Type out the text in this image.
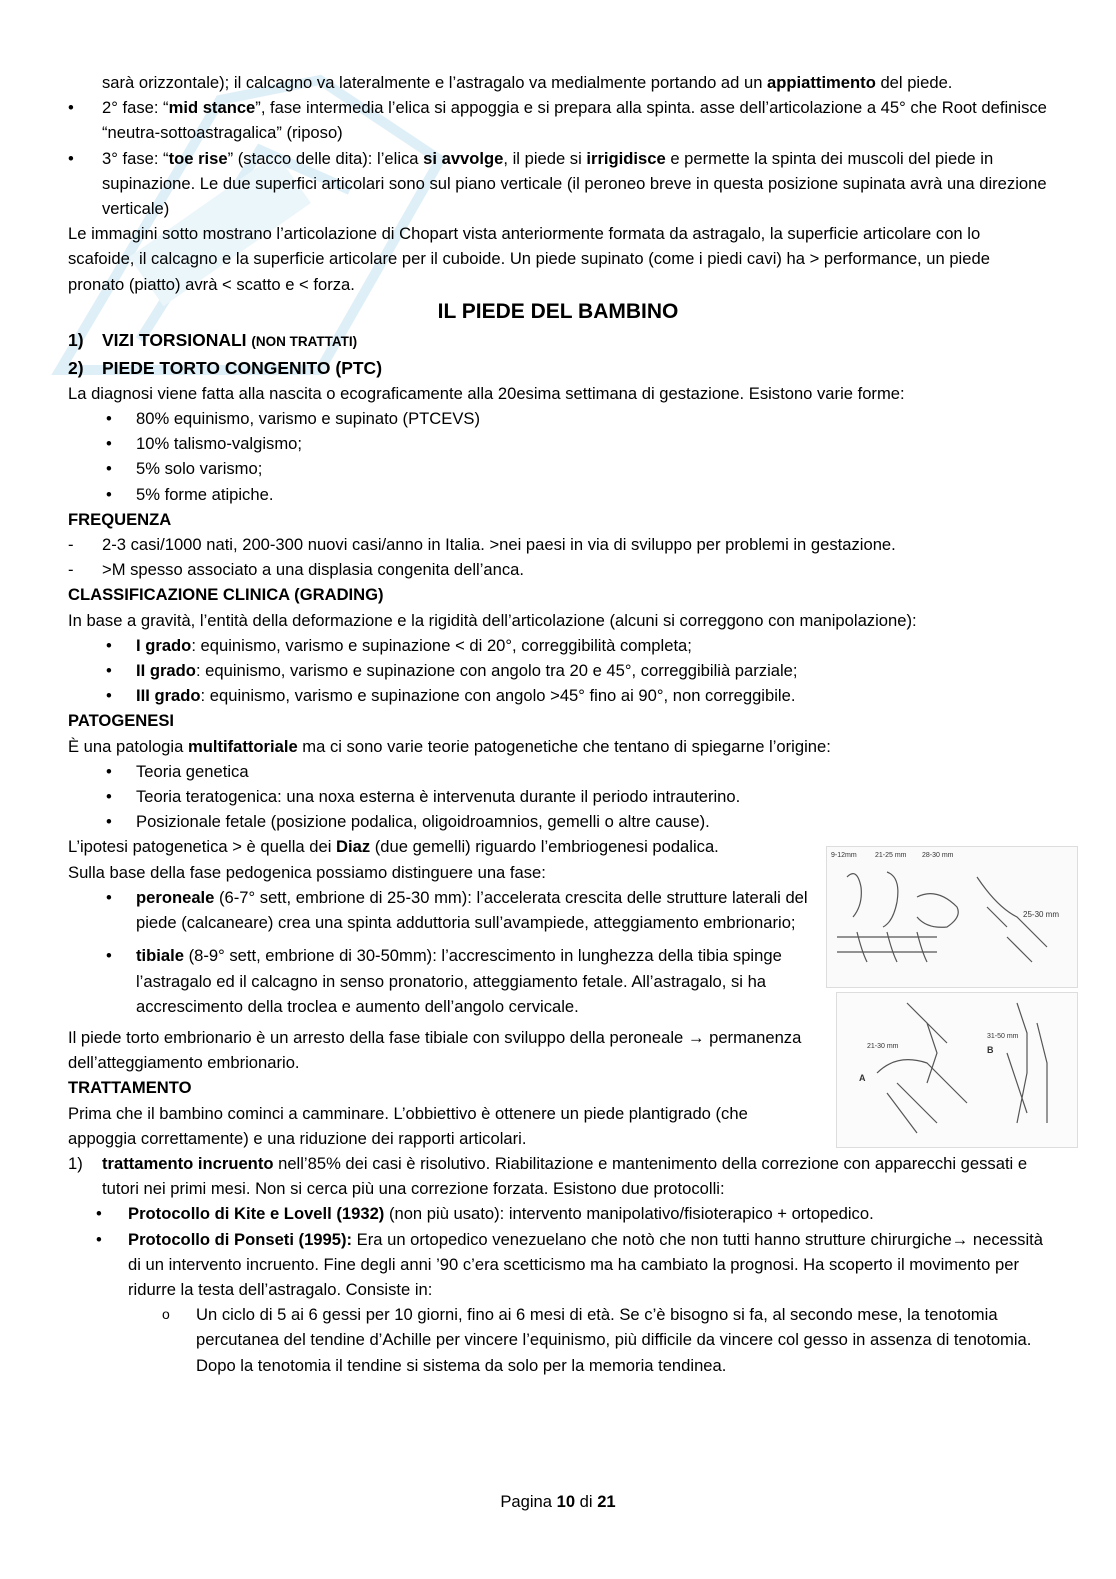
sarà orizzontale); il calcagno va lateralmente e l’astragalo va medialmente portando ad un appiattimento del piede.
• 2° fase: “mid stance”, fase intermedia l’elica si appoggia e si prepara alla spinta. asse dell’articolazione a 45° che Root definisce “neutra-sottoastragalica” (riposo)
• 3° fase: “toe rise” (stacco delle dita): l’elica si avvolge, il piede si irrigidisce e permette la spinta dei muscoli del piede in supinazione. Le due superfici articolari sono sul piano verticale (il peroneo breve in questa posizione supinata avrà una direzione verticale)

Le immagini sotto mostrano l’articolazione di Chopart vista anteriormente formata da astragalo, la superficie articolare con lo scafoide, il calcagno e la superficie articolare per il cuboide. Un piede supinato (come i piedi cavi) ha > performance, un piede pronato (piatto) avrà < scatto e < forza.

IL PIEDE DEL BAMBINO
1) VIZI TORSIONALI (NON TRATTATI)
2) PIEDE TORTO CONGENITO (PTC)

La diagnosi viene fatta alla nascita o ecograficamente alla 20esima settimana di gestazione. Esistono varie forme:

• 80% equinismo, varismo e supinato (PTCEVS)
• 10% talismo-valgismo;
• 5% solo varismo;
• 5% forme atipiche.
FREQUENZA
- 2-3 casi/1000 nati, 200-300 nuovi casi/anno in Italia. >nei paesi in via di sviluppo per problemi in gestazione.
- >M spesso associato a una displasia congenita dell’anca.
CLASSIFICAZIONE CLINICA (GRADING)

In base a gravità, l’entità della deformazione e la rigidità dell’articolazione (alcuni si correggono con manipolazione):

• I grado: equinismo, varismo e supinazione < di 20°, correggibilità completa;
• II grado: equinismo, varismo e supinazione con angolo tra 20 e 45°, correggibilià parziale;
• III grado: equinismo, varismo e supinazione con angolo >45° fino ai 90°, non correggibile.
PATOGENESI

È una patologia multifattoriale ma ci sono varie teorie patogenetiche che tentano di spiegarne l’origine:

• Teoria genetica
• Teoria teratogenica: una noxa esterna è intervenuta durante il periodo intrauterino.
• Posizionale fetale (posizione podalica, oligoidroamnios, gemelli o altre cause).

L’ipotesi patogenetica > è quella dei Diaz (due gemelli) riguardo l’embriogenesi podalica.

Sulla base della fase pedogenica possiamo distinguere una fase:

• peroneale (6-7° sett, embrione di 25-30 mm): l’accelerata crescita delle strutture laterali del piede (calcaneare) crea una spinta adduttoria sull’avampiede, atteggiamento embrionario;
• tibiale (8-9° sett, embrione di 30-50mm): l’accrescimento in lunghezza della tibia spinge l’astragalo ed il calcagno in senso pronatorio, atteggiamento fetale. All’astragalo, si ha accrescimento della troclea e aumento dell’angolo cervicale.

Il piede torto embrionario è un arresto della fase tibiale con sviluppo della peroneale → permanenza dell’atteggiamento embrionario.

TRATTAMENTO

Prima che il bambino cominci a camminare. L’obbiettivo è ottenere un piede plantigrado (che appoggia correttamente) e una riduzione dei rapporti articolari.

1) trattamento incruento nell’85% dei casi è risolutivo. Riabilitazione e mantenimento della correzione con apparecchi gessati e tutori nei primi mesi. Non si cerca più una correzione forzata. Esistono due protocolli:
• Protocollo di Kite e Lovell (1932) (non più usato): intervento manipolativo/fisioterapico + ortopedico.
• Protocollo di Ponseti (1995): Era un ortopedico venezuelano che notò che non tutti hanno strutture chirurgiche→ necessità di un intervento incruento. Fine degli anni ’90 c’era scetticismo ma ha cambiato la prognosi. Ha scoperto il movimento per ridurre la testa dell’astragalo. Consiste in:
o Un ciclo di 5 ai 6 gessi per 10 giorni, fino ai 6 mesi di età. Se c’è bisogno si fa, al secondo mese, la tenotomia percutanea del tendine d’Achille per vincere l’equinismo, più difficile da vincere col gesso in assenza di tenotomia. Dopo la tenotomia il tendine si sistema da solo per la memoria tendinea.
9-12mm	21-25 mm 28-30 mm
25-30 mm
21-30 mm
A
31-50 mm
B
Pagina 10 di 21
